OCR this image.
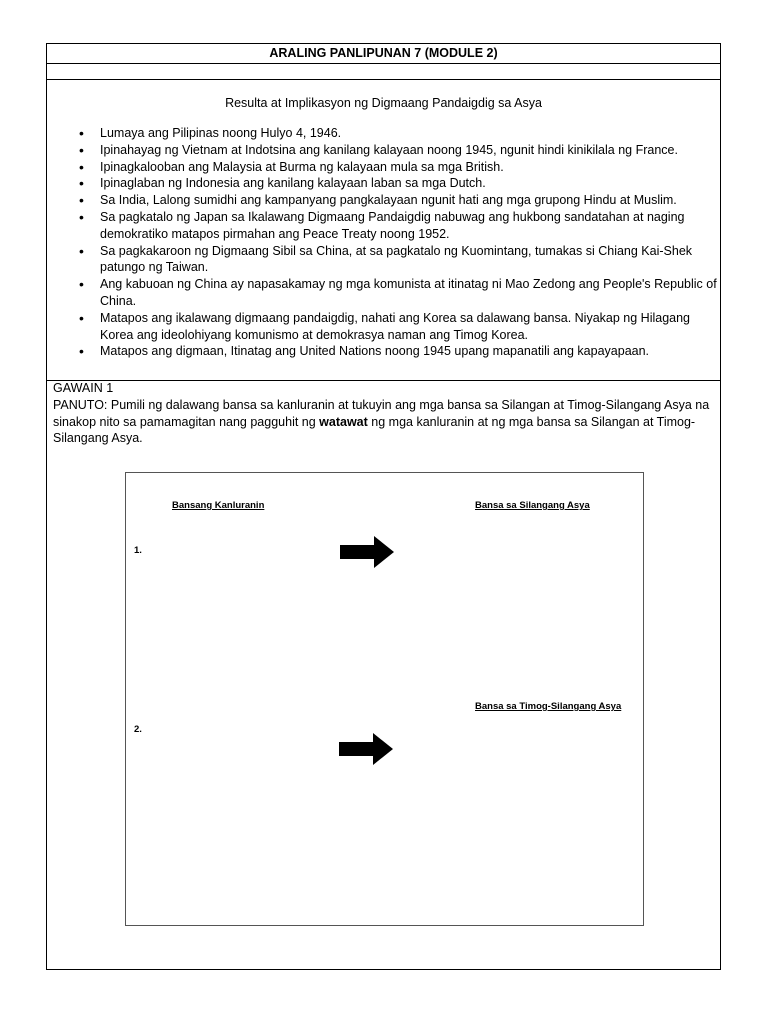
ARALING PANLIPUNAN 7 (MODULE 2)
Resulta at Implikasyon ng Digmaang Pandaigdig sa Asya
• Lumaya ang Pilipinas noong Hulyo 4, 1946.
• Ipinahayag ng Vietnam at Indotsina ang kanilang kalayaan noong 1945, ngunit hindi kinikilala ng France.
• Ipinagkalooban ang Malaysia at Burma ng kalayaan mula sa mga British.
• Ipinaglaban ng Indonesia ang kanilang kalayaan laban sa mga Dutch.
• Sa India, Lalong sumidhi ang kampanyang pangkalayaan ngunit hati ang mga grupong Hindu at Muslim.
• Sa pagkatalo ng Japan sa Ikalawang Digmaang Pandaigdig nabuwag ang hukbong sandatahan at naging demokratiko matapos pirmahan ang Peace Treaty noong 1952.
• Sa pagkakaroon ng Digmaang Sibil sa China, at sa pagkatalo ng Kuomintang, tumakas si Chiang Kai-Shek patungo ng Taiwan.
• Ang kabuoan ng China ay napasakamay ng mga komunista at itinatag ni Mao Zedong ang People's Republic of China.
• Matapos ang ikalawang digmaang pandaigdig, nahati ang Korea sa dalawang bansa. Niyakap ng Hilagang Korea ang ideolohiyang komunismo at demokrasya naman ang Timog Korea.
• Matapos ang digmaan, Itinatag ang United Nations noong 1945 upang mapanatili ang kapayapaan.

GAWAIN 1

PANUTO: Pumili ng dalawang bansa sa kanluranin at tukuyin ang mga bansa sa Silangan at Timog-Silangang Asya na sinakop nito sa pamamagitan nang pagguhit ng watawat ng mga kanluranin at ng mga bansa sa Silangan at Timog-Silangang Asya.

Bansang Kanluranin	Bansa sa Silangang Asya
1.
Bansa sa Timog-Silangang Asya
2.
